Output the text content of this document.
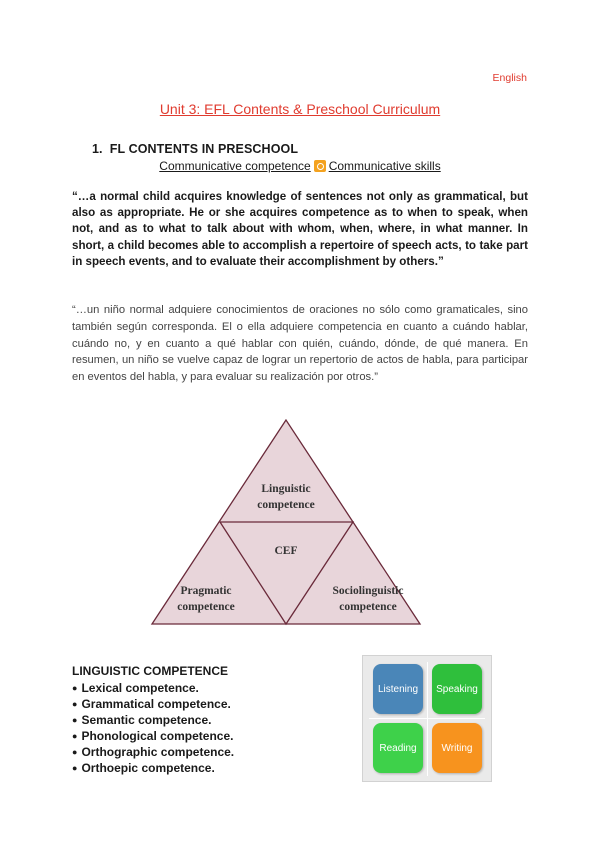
English
Unit 3: EFL Contents & Preschool Curriculum
1. FL CONTENTS IN PRESCHOOL
Communicative competence Communicative skills
“…a normal child acquires knowledge of sentences not only as grammatical, but also as appropriate. He or she acquires competence as to when to speak, when not, and as to what to talk about with whom, when, where, in what manner. In short, a child becomes able to accomplish a repertoire of speech acts, to take part in speech events, and to evaluate their accomplishment by others.”
“…un niño normal adquiere conocimientos de oraciones no sólo como gramaticales, sino también según corresponda. El o ella adquiere competencia en cuanto a cuándo hablar, cuándo no, y en cuanto a qué hablar con quién, cuándo, dónde, de qué manera. En resumen, un niño se vuelve capaz de lograr un repertorio de actos de habla, para participar en eventos del habla, y para evaluar su realización por otros.”
Linguistic
competence
CEF
Pragmatic
competence
Sociolinguistic
competence
LINGUISTIC COMPETENCE
● Lexical competence.
● Grammatical competence.
● Semantic competence.
● Phonological competence.
● Orthographic competence.
● Orthoepic competence.
Listening	Speaking
Reading	Writing
